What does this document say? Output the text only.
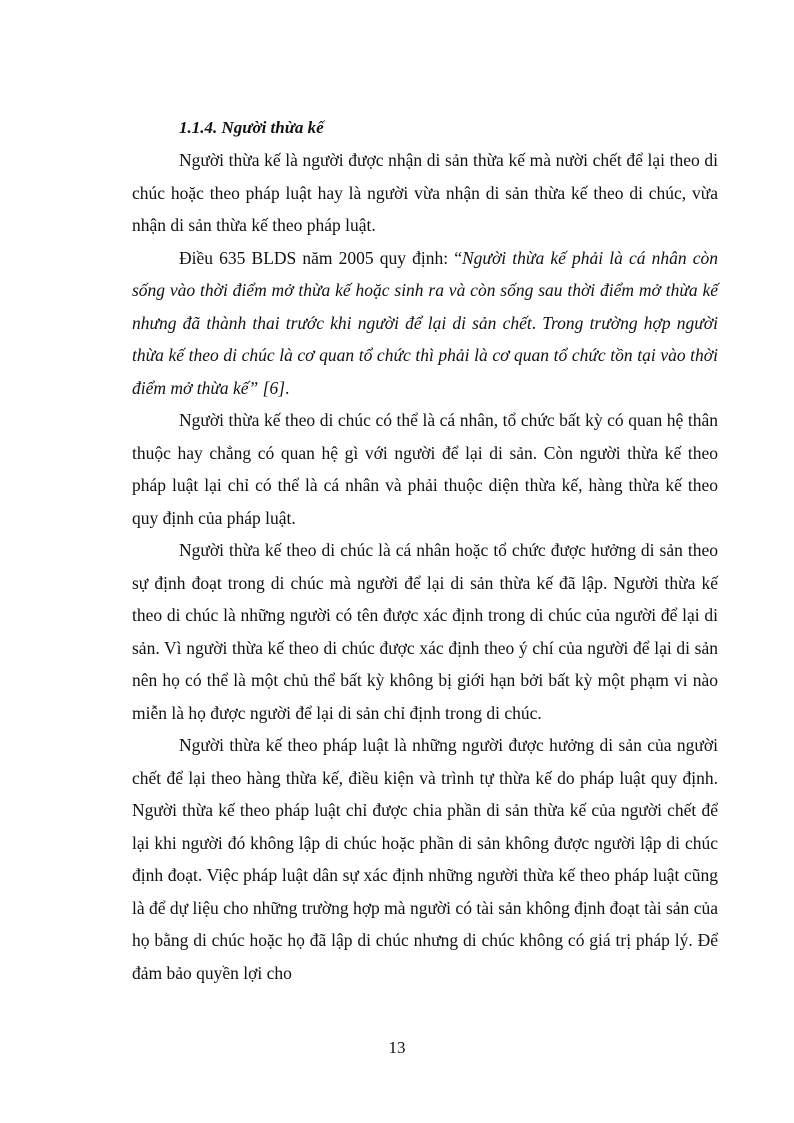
1.1.4. Người thừa kế

Người thừa kế là người được nhận di sản thừa kế mà nười chết để lại theo di chúc hoặc theo pháp luật hay là người vừa nhận di sản thừa kế theo di chúc, vừa nhận di sản thừa kế theo pháp luật.

Điều 635 BLDS năm 2005 quy định: “Người thừa kế phải là cá nhân còn sống vào thời điểm mở thừa kế hoặc sinh ra và còn sống sau thời điểm mở thừa kế nhưng đã thành thai trước khi người để lại di sản chết. Trong trường hợp người thừa kế theo di chúc là cơ quan tổ chức thì phải là cơ quan tổ chức tồn tại vào thời điểm mở thừa kế” [6].

Người thừa kế theo di chúc có thể là cá nhân, tổ chức bất kỳ có quan hệ thân thuộc hay chẳng có quan hệ gì với người để lại di sản. Còn người thừa kế theo pháp luật lại chỉ có thể là cá nhân và phải thuộc diện thừa kế, hàng thừa kế theo quy định của pháp luật.

Người thừa kế theo di chúc là cá nhân hoặc tổ chức được hưởng di sản theo sự định đoạt trong di chúc mà người để lại di sản thừa kế đã lập. Người thừa kế theo di chúc là những người có tên được xác định trong di chúc của người để lại di sản. Vì người thừa kế theo di chúc được xác định theo ý chí của người để lại di sản nên họ có thể là một chủ thể bất kỳ không bị giới hạn bởi bất kỳ một phạm vi nào miễn là họ được người để lại di sản chỉ định trong di chúc.

Người thừa kế theo pháp luật là những người được hưởng di sản của người chết để lại theo hàng thừa kế, điều kiện và trình tự thừa kế do pháp luật quy định. Người thừa kế theo pháp luật chỉ được chia phần di sản thừa kế của người chết để lại khi người đó không lập di chúc hoặc phần di sản không được người lập di chúc định đoạt. Việc pháp luật dân sự xác định những người thừa kế theo pháp luật cũng là để dự liệu cho những trường hợp mà người có tài sản không định đoạt tài sản của họ bằng di chúc hoặc họ đã lập di chúc nhưng di chúc không có giá trị pháp lý. Để đảm bảo quyền lợi cho

13
